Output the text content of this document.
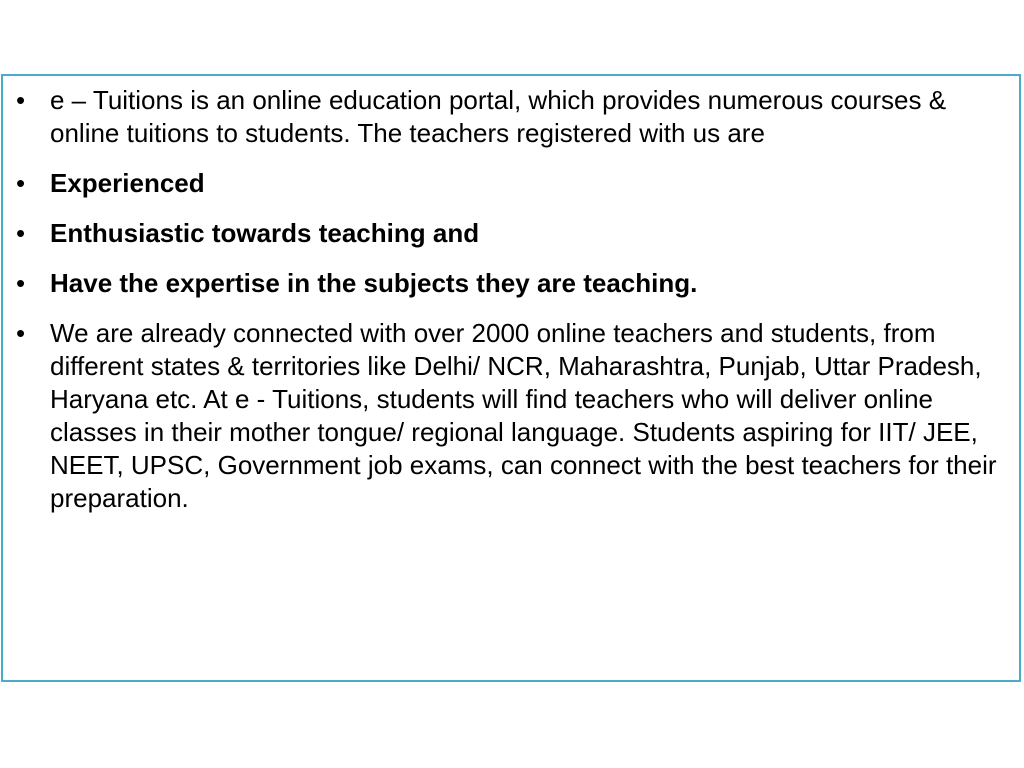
• e – Tuitions is an online education portal, which provides numerous courses & online tuitions to students. The teachers registered with us are
• Experienced
• Enthusiastic towards teaching and
• Have the expertise in the subjects they are teaching.
• We are already connected with over 2000 online teachers and students, from different states & territories like Delhi/ NCR, Maharashtra, Punjab, Uttar Pradesh, Haryana etc. At e - Tuitions, students will find teachers who will deliver online classes in their mother tongue/ regional language. Students aspiring for IIT/ JEE, NEET, UPSC, Government job exams, can connect with the best teachers for their preparation.
